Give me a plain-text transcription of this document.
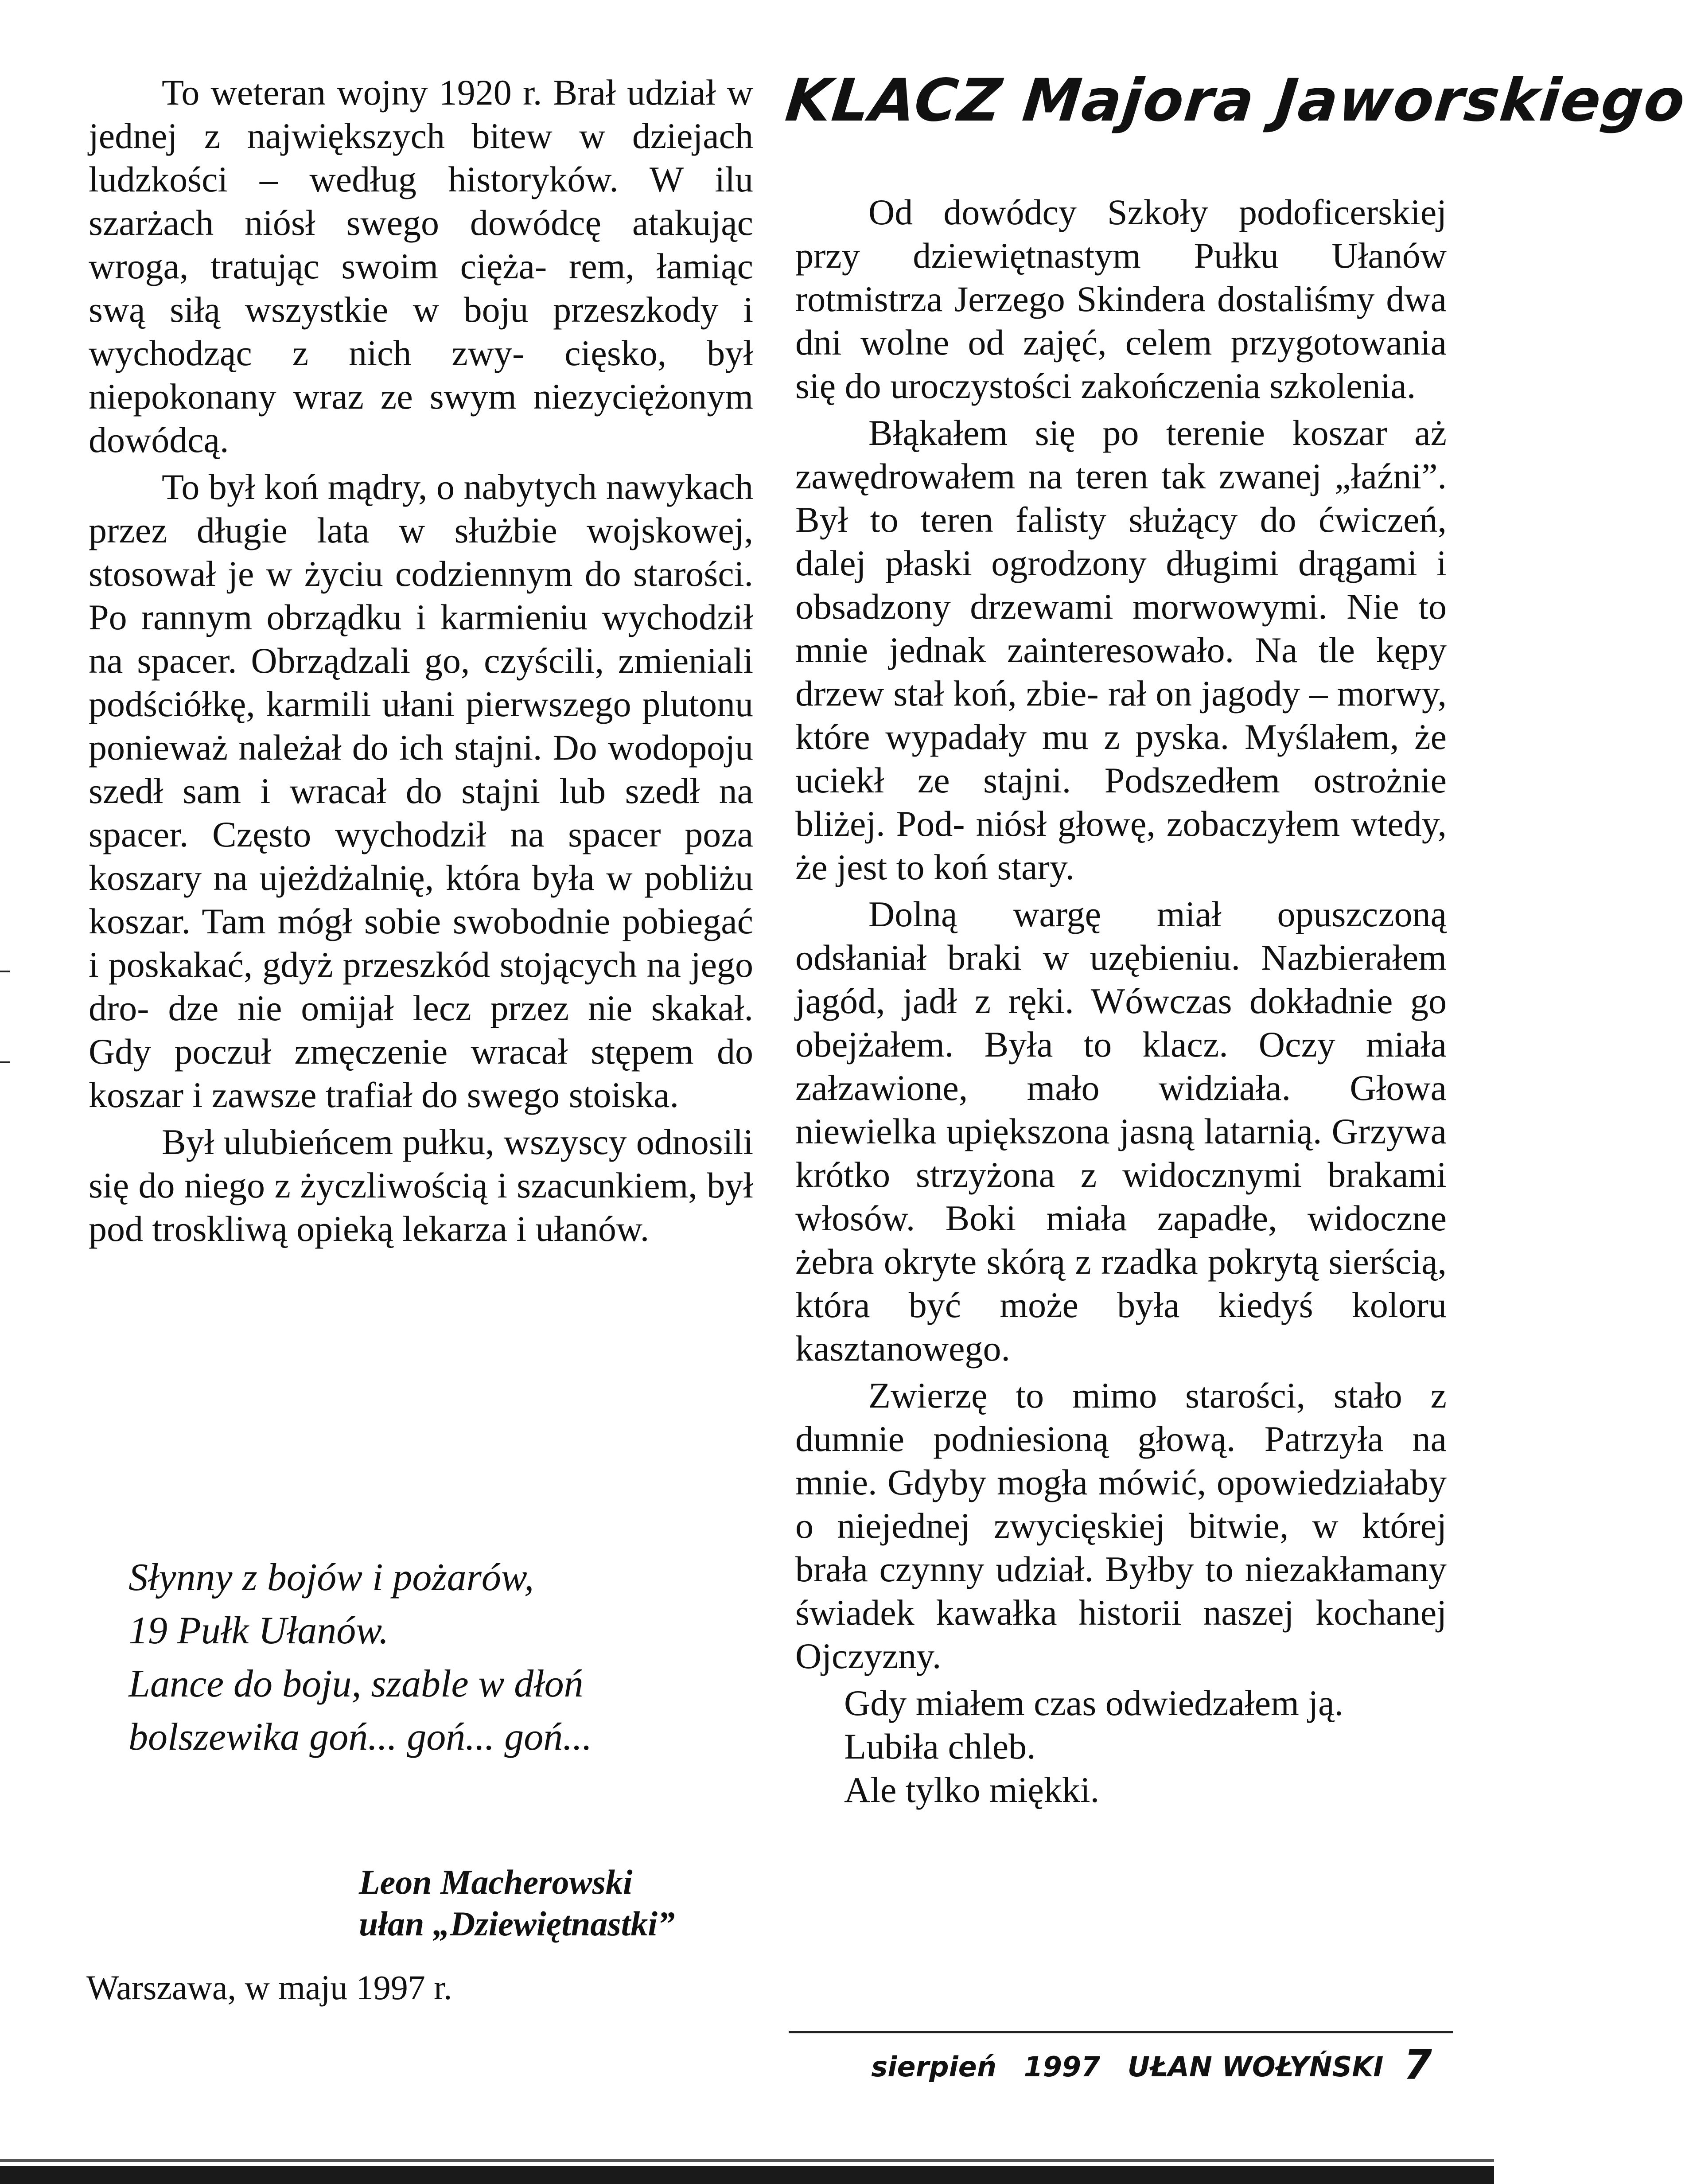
To weteran wojny 1920 r. Brał udział w jednej z największych bitew w dziejach ludzkości – według historyków. W ilu szarżach niósł swego dowódcę atakując wroga, tratując swoim cięża- rem, łamiąc swą siłą wszystkie w boju przeszkody i wychodząc z nich zwy- cięsko, był niepokonany wraz ze swym niezyciężonym dowódcą.

To był koń mądry, o nabytych nawykach przez długie lata w służbie wojskowej, stosował je w życiu codziennym do starości. Po rannym obrządku i karmieniu wychodził na spacer. Obrządzali go, czyścili, zmieniali podściółkę, karmili ułani pierwszego plutonu ponieważ należał do ich stajni. Do wodopoju szedł sam i wracał do stajni lub szedł na spacer. Często wychodził na spacer poza koszary na ujeżdżalnię, która była w pobliżu koszar. Tam mógł sobie swobodnie pobiegać i poskakać, gdyż przeszkód stojących na jego dro- dze nie omijał lecz przez nie skakał. Gdy poczuł zmęczenie wracał stępem do koszar i zawsze trafiał do swego stoiska.

Był ulubieńcem pułku, wszyscy odnosili się do niego z życzliwością i szacunkiem, był pod troskliwą opieką lekarza i ułanów.

Słynny z bojów i pożarów,
19 Pułk Ułanów.
Lance do boju, szable w dłoń
bolszewika goń... goń... goń...
Leon Macherowski
ułan „Dziewiętnastki”
Warszawa, w maju 1997 r.
KLACZ Majora Jaworskiego

Od dowódcy Szkoły podoficerskiej przy dziewiętnastym Pułku Ułanów rotmistrza Jerzego Skindera dostaliśmy dwa dni wolne od zajęć, celem przygotowania się do uroczystości zakończenia szkolenia.

Błąkałem się po terenie koszar aż zawędrowałem na teren tak zwanej „łaźni”. Był to teren falisty służący do ćwiczeń, dalej płaski ogrodzony długimi drągami i obsadzony drzewami morwowymi. Nie to mnie jednak zainteresowało. Na tle kępy drzew stał koń, zbie- rał on jagody – morwy, które wypadały mu z pyska. Myślałem, że uciekł ze stajni. Podszedłem ostrożnie bliżej. Pod- niósł głowę, zobaczyłem wtedy, że jest to koń stary.

Dolną wargę miał opuszczoną odsłaniał braki w uzębieniu. Nazbierałem jagód, jadł z ręki. Wówczas dokładnie go obejżałem. Była to klacz. Oczy miała załzawione, mało widziała. Głowa niewielka upiększona jasną latarnią. Grzywa krótko strzyżona z widocznymi brakami włosów. Boki miała zapadłe, widoczne żebra okryte skórą z rzadka pokrytą sierścią, która być może była kiedyś koloru kasztanowego.

Zwierzę to mimo starości, stało z dumnie podniesioną głową. Patrzyła na mnie. Gdyby mogła mówić, opowiedziałaby o niejednej zwycięskiej bitwie, w której brała czynny udział. Byłby to niezakłamany świadek kawałka historii naszej kochanej Ojczyzny.

Gdy miałem czas odwiedzałem ją.
Lubiła chleb.
Ale tylko miękki.
sierpień 1997 UŁAN WOŁYŃSKI 7
